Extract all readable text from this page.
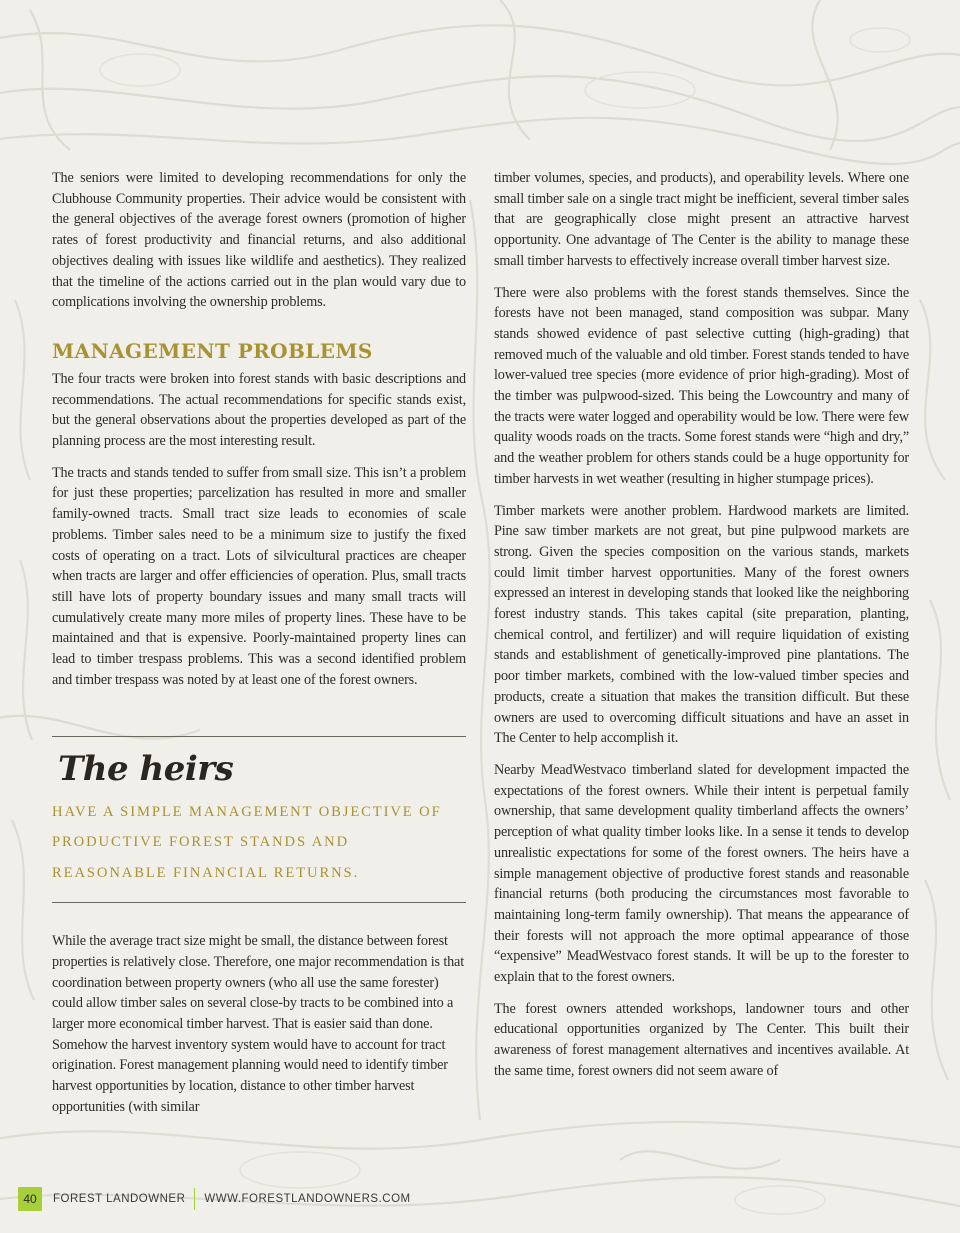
The seniors were limited to developing recommendations for only the Clubhouse Community properties. Their advice would be consistent with the general objectives of the average forest owners (promotion of higher rates of forest productivity and financial returns, and also additional objectives dealing with issues like wildlife and aesthetics). They realized that the timeline of the actions carried out in the plan would vary due to complications involving the ownership problems.

MANAGEMENT PROBLEMS

The four tracts were broken into forest stands with basic descriptions and recommendations. The actual recommendations for specific stands exist, but the general observations about the properties developed as part of the planning process are the most interesting result.

The tracts and stands tended to suffer from small size. This isn’t a problem for just these properties; parcelization has resulted in more and smaller family-owned tracts. Small tract size leads to economies of scale problems. Timber sales need to be a minimum size to justify the fixed costs of operating on a tract. Lots of silvicultural practices are cheaper when tracts are larger and offer efficiencies of operation. Plus, small tracts still have lots of property boundary issues and many small tracts will cumulatively create many more miles of property lines. These have to be maintained and that is expensive. Poorly-maintained property lines can lead to timber trespass problems. This was a second identified problem and timber trespass was noted by at least one of the forest owners.

The heirs
HAVE A SIMPLE MANAGEMENT OBJECTIVE OF PRODUCTIVE FOREST STANDS AND REASONABLE FINANCIAL RETURNS.

While the average tract size might be small, the distance between forest properties is relatively close. Therefore, one major recommendation is that coordination between property owners (who all use the same forester) could allow timber sales on several close-by tracts to be combined into a larger more economical timber harvest. That is easier said than done. Somehow the harvest inventory system would have to account for tract origination. Forest management planning would need to identify timber harvest opportunities by location, distance to other timber harvest opportunities (with similar

timber volumes, species, and products), and operability levels. Where one small timber sale on a single tract might be inefficient, several timber sales that are geographically close might present an attractive harvest opportunity. One advantage of The Center is the ability to manage these small timber harvests to effectively increase overall timber harvest size.

There were also problems with the forest stands themselves. Since the forests have not been managed, stand composition was subpar. Many stands showed evidence of past selective cutting (high-grading) that removed much of the valuable and old timber. Forest stands tended to have lower-valued tree species (more evidence of prior high-grading). Most of the timber was pulpwood-sized. This being the Lowcountry and many of the tracts were water logged and operability would be low. There were few quality woods roads on the tracts. Some forest stands were “high and dry,” and the weather problem for others stands could be a huge opportunity for timber harvests in wet weather (resulting in higher stumpage prices).

Timber markets were another problem. Hardwood markets are limited. Pine saw timber markets are not great, but pine pulpwood markets are strong. Given the species composition on the various stands, markets could limit timber harvest opportunities. Many of the forest owners expressed an interest in developing stands that looked like the neighboring forest industry stands. This takes capital (site preparation, planting, chemical control, and fertilizer) and will require liquidation of existing stands and establishment of genetically-improved pine plantations. The poor timber markets, combined with the low-valued timber species and products, create a situation that makes the transition difficult. But these owners are used to overcoming difficult situations and have an asset in The Center to help accomplish it.

Nearby MeadWestvaco timberland slated for development impacted the expectations of the forest owners. While their intent is perpetual family ownership, that same development quality timberland affects the owners’ perception of what quality timber looks like. In a sense it tends to develop unrealistic expectations for some of the forest owners. The heirs have a simple management objective of productive forest stands and reasonable financial returns (both producing the circumstances most favorable to maintaining long-term family ownership). That means the appearance of their forests will not approach the more optimal appearance of those “expensive” MeadWestvaco forest stands. It will be up to the forester to explain that to the forest owners.

The forest owners attended workshops, landowner tours and other educational opportunities organized by The Center. This built their awareness of forest management alternatives and incentives available. At the same time, forest owners did not seem aware of

40	FOREST LANDOWNER WWW.FORESTLANDOWNERS.COM
